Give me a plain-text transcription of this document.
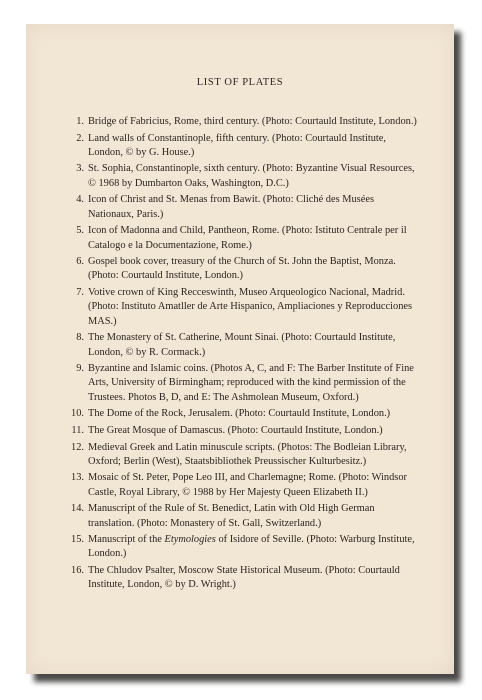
LIST OF PLATES
1. Bridge of Fabricius, Rome, third century. (Photo: Courtauld Institute, London.)
2. Land walls of Constantinople, fifth century. (Photo: Courtauld Institute, London, © by G. House.)
3. St. Sophia, Constantinople, sixth century. (Photo: Byzantine Visual Resources, © 1968 by Dumbarton Oaks, Washington, D.C.)
4. Icon of Christ and St. Menas from Bawit. (Photo: Cliché des Musées Nationaux, Paris.)
5. Icon of Madonna and Child, Pantheon, Rome. (Photo: Istituto Centrale per il Catalogo e la Documentazione, Rome.)
6. Gospel book cover, treasury of the Church of St. John the Baptist, Monza. (Photo: Courtauld Institute, London.)
7. Votive crown of King Recceswinth, Museo Arqueologico Nacional, Madrid. (Photo: Instituto Amatller de Arte Hispanico, Ampliaciones y Reproducciones MAS.)
8. The Monastery of St. Catherine, Mount Sinai. (Photo: Courtauld Institute, London, © by R. Cormack.)
9. Byzantine and Islamic coins. (Photos A, C, and F: The Barber Institute of Fine Arts, University of Birmingham; reproduced with the kind permission of the Trustees. Photos B, D, and E: The Ashmolean Museum, Oxford.)
10. The Dome of the Rock, Jerusalem. (Photo: Courtauld Institute, London.)
11. The Great Mosque of Damascus. (Photo: Courtauld Institute, London.)
12. Medieval Greek and Latin minuscule scripts. (Photos: The Bodleian Library, Oxford; Berlin (West), Staatsbibliothek Preussischer Kulturbesitz.)
13. Mosaic of St. Peter, Pope Leo III, and Charlemagne; Rome. (Photo: Windsor Castle, Royal Library, © 1988 by Her Majesty Queen Elizabeth II.)
14. Manuscript of the Rule of St. Benedict, Latin with Old High German translation. (Photo: Monastery of St. Gall, Switzerland.)
15. Manuscript of the Etymologies of Isidore of Seville. (Photo: Warburg Institute, London.)
16. The Chludov Psalter, Moscow State Historical Museum. (Photo: Courtauld Institute, London, © by D. Wright.)
